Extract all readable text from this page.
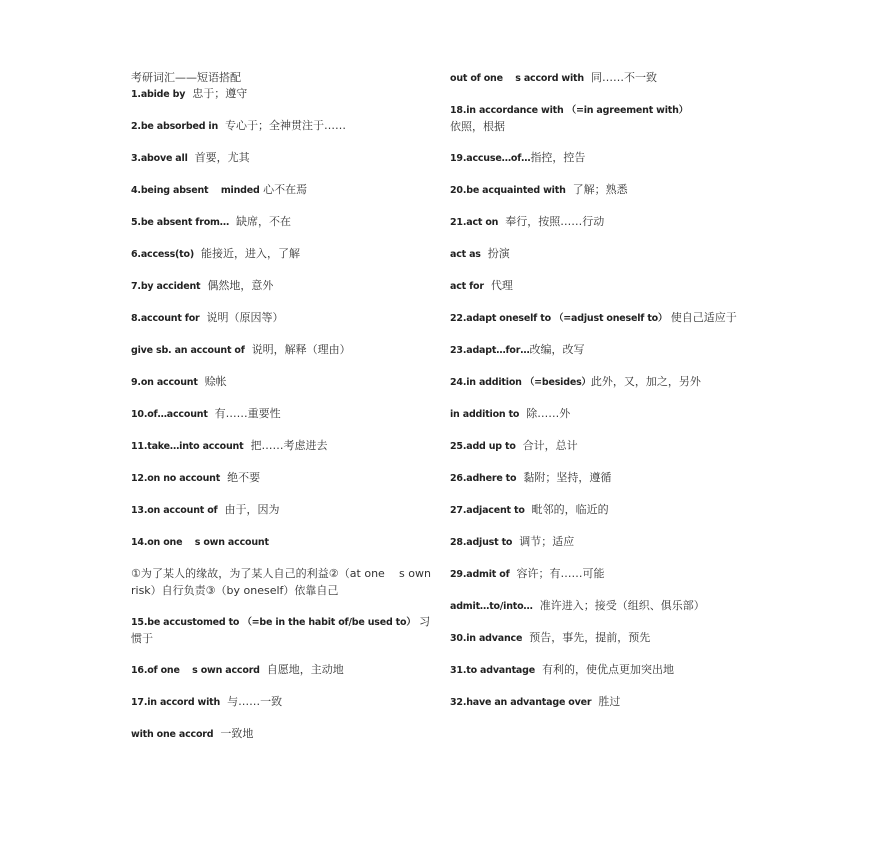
考研词汇——短语搭配

1.abide by 忠于；遵守

2.be absorbed in 专心于；全神贯注于……

3.above all 首要，尤其

4.being absent    minded 心不在焉

5.be absent from… 缺席，不在

6.access(to) 能接近，进入，了解

7.by accident 偶然地，意外

8.account for 说明（原因等）

give sb. an account of 说明，解释（理由）

9.on account 赊帐

10.of…account 有……重要性

11.take…into account 把……考虑进去

12.on no account 绝不要

13.on account of 由于，因为

14.on one    s own account

①为了某人的缘故，为了某人自己的利益②（at one    s own risk）自行负责③（by oneself）依靠自己

15.be accustomed to （=be in the habit of/be used to） 习惯于

16.of one    s own accord 自愿地，主动地

17.in accord with 与……一致

with one accord 一致地

out of one    s accord with 同……不一致

18.in accordance with （=in agreement with）
依照，根据

19.accuse…of…指控，控告

20.be acquainted with 了解；熟悉

21.act on 奉行，按照……行动

act as 扮演

act for 代理

22.adapt oneself to （=adjust oneself to） 使自己适应于

23.adapt…for…改编，改写

24.in addition （=besides）此外，又，加之，另外

in addition to 除……外

25.add up to 合计，总计

26.adhere to 黏附；坚持，遵循

27.adjacent to 毗邻的，临近的

28.adjust to 调节；适应

29.admit of 容许；有……可能

admit…to/into… 准许进入；接受（组织、俱乐部）

30.in advance 预告，事先，提前，预先

31.to advantage 有利的，使优点更加突出地

32.have an advantage over 胜过
